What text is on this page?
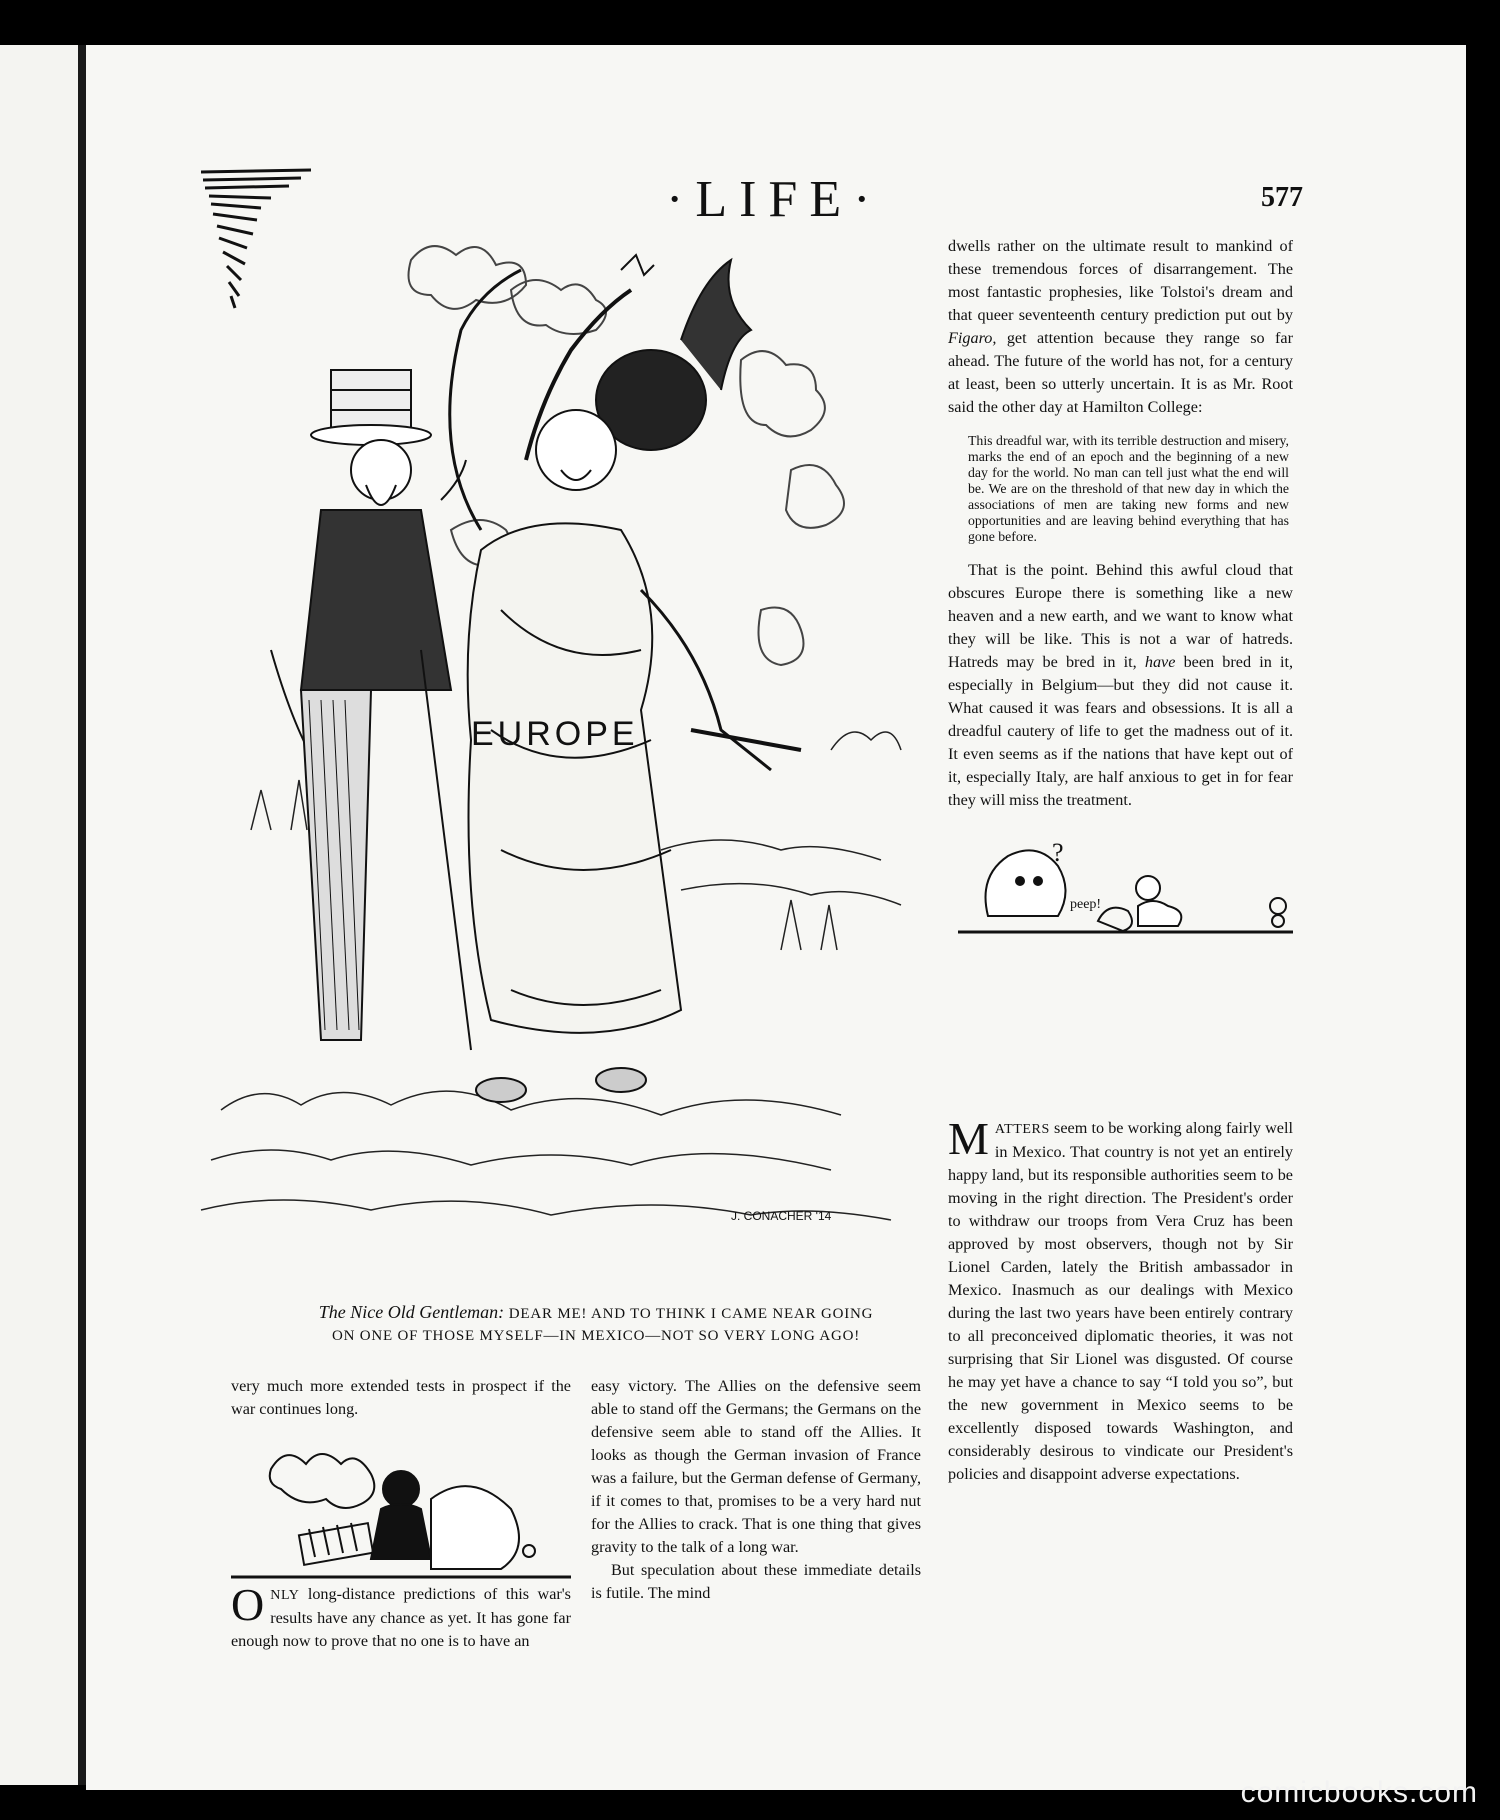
·LIFE·	577
EUROPE
J. CONACHER '14
The Nice Old Gentleman: DEAR ME! AND TO THINK I CAME NEAR GOING
ON ONE OF THOSE MYSELF—IN MEXICO—NOT SO VERY LONG AGO!

very much more extended tests in prospect if the war continues long.

ONLY long-distance predictions of this war's results have any chance as yet. It has gone far enough now to prove that no one is to have an

easy victory. The Allies on the defensive seem able to stand off the Germans; the Germans on the defensive seem able to stand off the Allies. It looks as though the German invasion of France was a failure, but the German defense of Germany, if it comes to that, promises to be a very hard nut for the Allies to crack. That is one thing that gives gravity to the talk of a long war.

But speculation about these immediate details is futile. The mind

dwells rather on the ultimate result to mankind of these tremendous forces of disarrangement. The most fantastic prophesies, like Tolstoi's dream and that queer seventeenth century prediction put out by Figaro, get attention because they range so far ahead. The future of the world has not, for a century at least, been so utterly uncertain. It is as Mr. Root said the other day at Hamilton College:

This dreadful war, with its terrible destruction and misery, marks the end of an epoch and the beginning of a new day for the world. No man can tell just what the end will be. We are on the threshold of that new day in which the associations of men are taking new forms and new opportunities and are leaving behind everything that has gone before.

That is the point. Behind this awful cloud that obscures Europe there is something like a new heaven and a new earth, and we want to know what they will be like. This is not a war of hatreds. Hatreds may be bred in it, have been bred in it, especially in Belgium—but they did not cause it. What caused it was fears and obsessions. It is all a dreadful cautery of life to get the madness out of it. It even seems as if the nations that have kept out of it, especially Italy, are half anxious to get in for fear they will miss the treatment.

?
peep!

MATTERS seem to be working along fairly well in Mexico. That country is not yet an entirely happy land, but its responsible authorities seem to be moving in the right direction. The President's order to withdraw our troops from Vera Cruz has been approved by most observers, though not by Sir Lionel Carden, lately the British ambassador in Mexico. Inasmuch as our dealings with Mexico during the last two years have been entirely contrary to all preconceived diplomatic theories, it was not surprising that Sir Lionel was disgusted. Of course he may yet have a chance to say “I told you so”, but the new government in Mexico seems to be excellently disposed towards Washington, and considerably desirous to vindicate our President's policies and disappoint adverse expectations.

comicbooks.com
